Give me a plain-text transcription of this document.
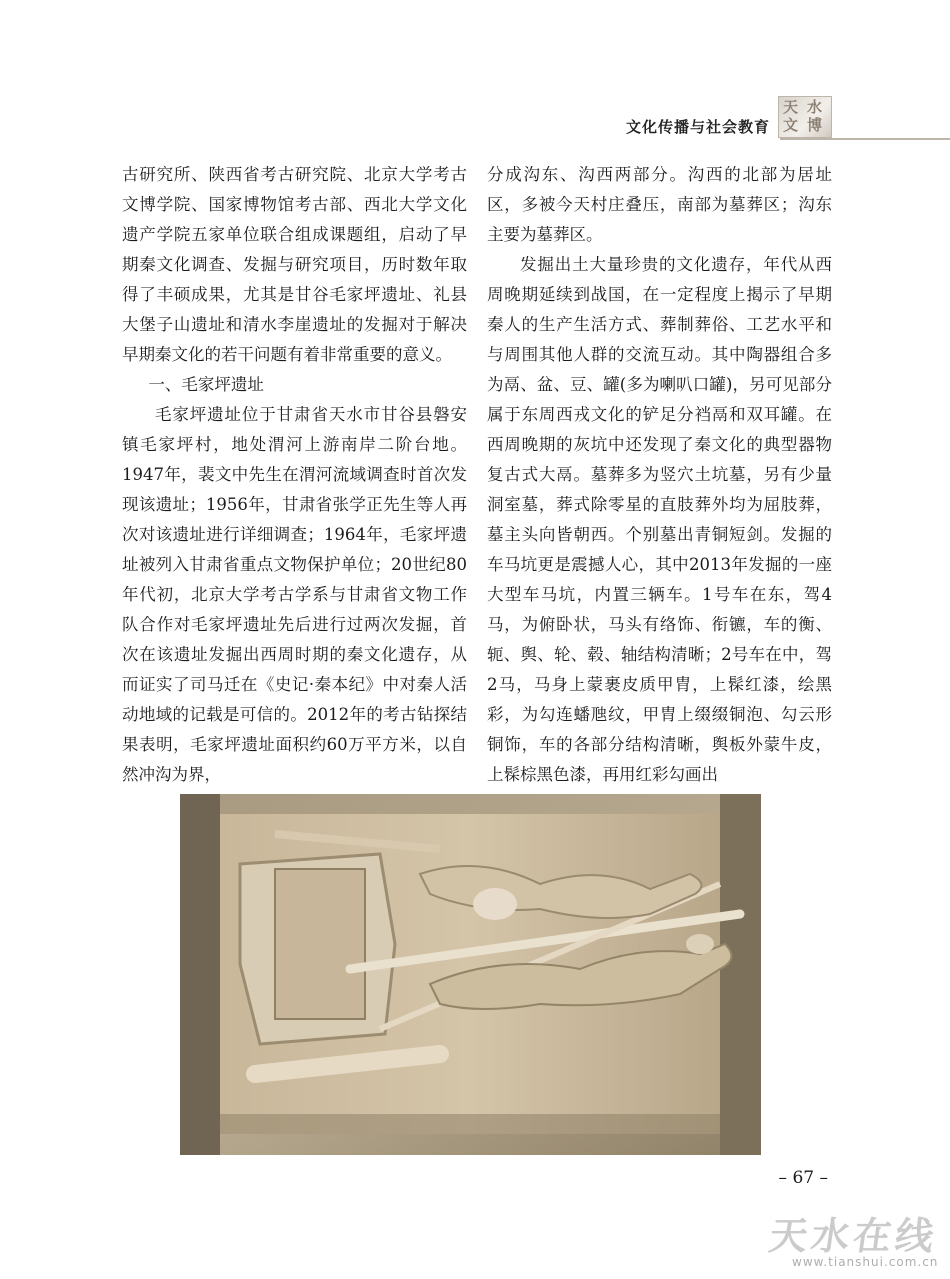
文化传播与社会教育
天 水
文 博

古研究所、陕西省考古研究院、北京大学考古文博学院、国家博物馆考古部、西北大学文化遗产学院五家单位联合组成课题组，启动了早期秦文化调查、发掘与研究项目，历时数年取得了丰硕成果，尤其是甘谷毛家坪遗址、礼县大堡子山遗址和清水李崖遗址的发掘对于解决早期秦文化的若干问题有着非常重要的意义。

一、毛家坪遗址

毛家坪遗址位于甘肃省天水市甘谷县磐安镇毛家坪村，地处渭河上游南岸二阶台地。1947年，裴文中先生在渭河流域调查时首次发现该遗址；1956年，甘肃省张学正先生等人再次对该遗址进行详细调查；1964年，毛家坪遗址被列入甘肃省重点文物保护单位；20世纪80年代初，北京大学考古学系与甘肃省文物工作队合作对毛家坪遗址先后进行过两次发掘，首次在该遗址发掘出西周时期的秦文化遗存，从而证实了司马迁在《史记·秦本纪》中对秦人活动地域的记载是可信的。2012年的考古钻探结果表明，毛家坪遗址面积约60万平方米，以自然冲沟为界，

分成沟东、沟西两部分。沟西的北部为居址区，多被今天村庄叠压，南部为墓葬区；沟东主要为墓葬区。

发掘出土大量珍贵的文化遗存，年代从西周晚期延续到战国，在一定程度上揭示了早期秦人的生产生活方式、葬制葬俗、工艺水平和与周围其他人群的交流互动。其中陶器组合多为鬲、盆、豆、罐(多为喇叭口罐)，另可见部分属于东周西戎文化的铲足分裆鬲和双耳罐。在西周晚期的灰坑中还发现了秦文化的典型器物复古式大鬲。墓葬多为竖穴土坑墓，另有少量洞室墓，葬式除零星的直肢葬外均为屈肢葬，墓主头向皆朝西。个别墓出青铜短剑。发掘的车马坑更是震撼人心，其中2013年发掘的一座大型车马坑，内置三辆车。1号车在东，驾4马，为俯卧状，马头有络饰、衔镳，车的衡、轭、舆、轮、毂、轴结构清晰；2号车在中，驾2马，马身上蒙裹皮质甲胄，上髹红漆，绘黑彩，为勾连蟠虺纹，甲胄上缀缀铜泡、勾云形铜饰，车的各部分结构清晰，舆板外蒙牛皮，上髹棕黑色漆，再用红彩勾画出

– 67 –
天水在线
www.tianshui.com.cn
